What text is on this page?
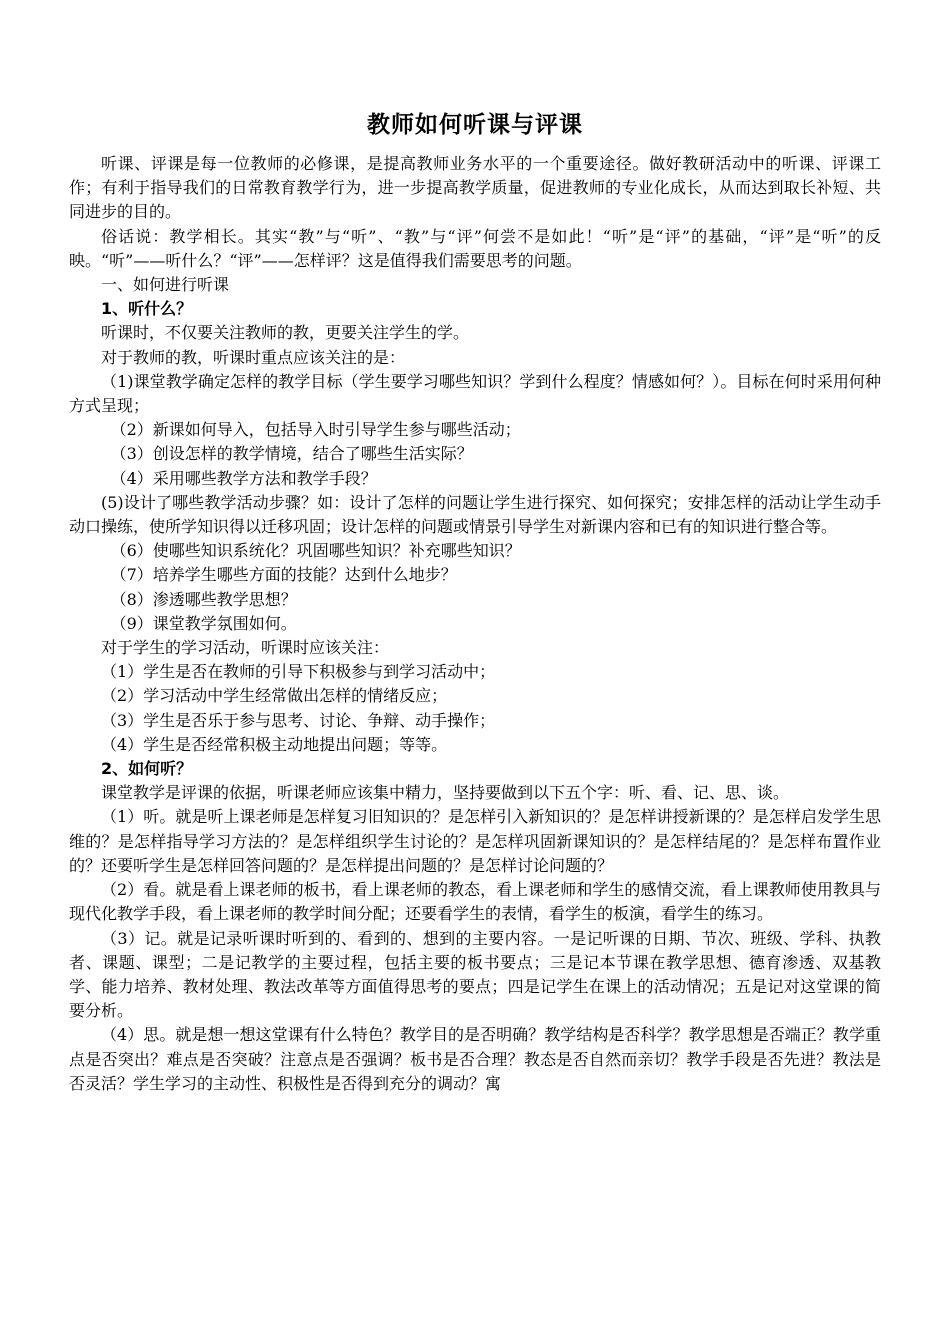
教师如何听课与评课

听课、评课是每一位教师的必修课，是提高教师业务水平的一个重要途径。做好教研活动中的听课、评课工作；有利于指导我们的日常教育教学行为，进一步提高教学质量，促进教师的专业化成长，从而达到取长补短、共同进步的目的。

俗话说：教学相长。其实“教”与“听”、“教”与“评”何尝不是如此！“听”是“评”的基础，“评”是“听”的反映。“听”——听什么？“评”——怎样评？这是值得我们需要思考的问题。

一、如何进行听课

1、听什么？

听课时，不仅要关注教师的教，更要关注学生的学。

对于教师的教，听课时重点应该关注的是：

（1)课堂教学确定怎样的教学目标（学生要学习哪些知识？学到什么程度？情感如何？）。目标在何时采用何种方式呈现；

（2）新课如何导入，包括导入时引导学生参与哪些活动；

（3）创设怎样的教学情境，结合了哪些生活实际？

（4）采用哪些教学方法和教学手段？

(5)设计了哪些教学活动步骤？如：设计了怎样的问题让学生进行探究、如何探究；安排怎样的活动让学生动手动口操练，使所学知识得以迁移巩固；设计怎样的问题或情景引导学生对新课内容和已有的知识进行整合等。

（6）使哪些知识系统化？巩固哪些知识？补充哪些知识？

（7）培养学生哪些方面的技能？达到什么地步？

（8）渗透哪些教学思想？

（9）课堂教学氛围如何。

对于学生的学习活动，听课时应该关注：

（1）学生是否在教师的引导下积极参与到学习活动中；

（2）学习活动中学生经常做出怎样的情绪反应；

（3）学生是否乐于参与思考、讨论、争辩、动手操作；

（4）学生是否经常积极主动地提出问题；等等。

2、如何听？

课堂教学是评课的依据，听课老师应该集中精力，坚持要做到以下五个字：听、看、记、思、谈。

（1）听。就是听上课老师是怎样复习旧知识的？是怎样引入新知识的？是怎样讲授新课的？是怎样启发学生思维的？是怎样指导学习方法的？是怎样组织学生讨论的？是怎样巩固新课知识的？是怎样结尾的？是怎样布置作业的？还要听学生是怎样回答问题的？是怎样提出问题的？是怎样讨论问题的？

（2）看。就是看上课老师的板书，看上课老师的教态，看上课老师和学生的感情交流，看上课教师使用教具与现代化教学手段，看上课老师的教学时间分配；还要看学生的表情，看学生的板演，看学生的练习。

（3）记。就是记录听课时听到的、看到的、想到的主要内容。一是记听课的日期、节次、班级、学科、执教者、课题、课型；二是记教学的主要过程，包括主要的板书要点；三是记本节课在教学思想、德育渗透、双基教学、能力培养、教材处理、教法改革等方面值得思考的要点；四是记学生在课上的活动情况；五是记对这堂课的简要分析。

（4）思。就是想一想这堂课有什么特色？教学目的是否明确？教学结构是否科学？教学思想是否端正？教学重点是否突出？难点是否突破？注意点是否强调？板书是否合理？教态是否自然而亲切？教学手段是否先进？教法是否灵活？学生学习的主动性、积极性是否得到充分的调动？寓
